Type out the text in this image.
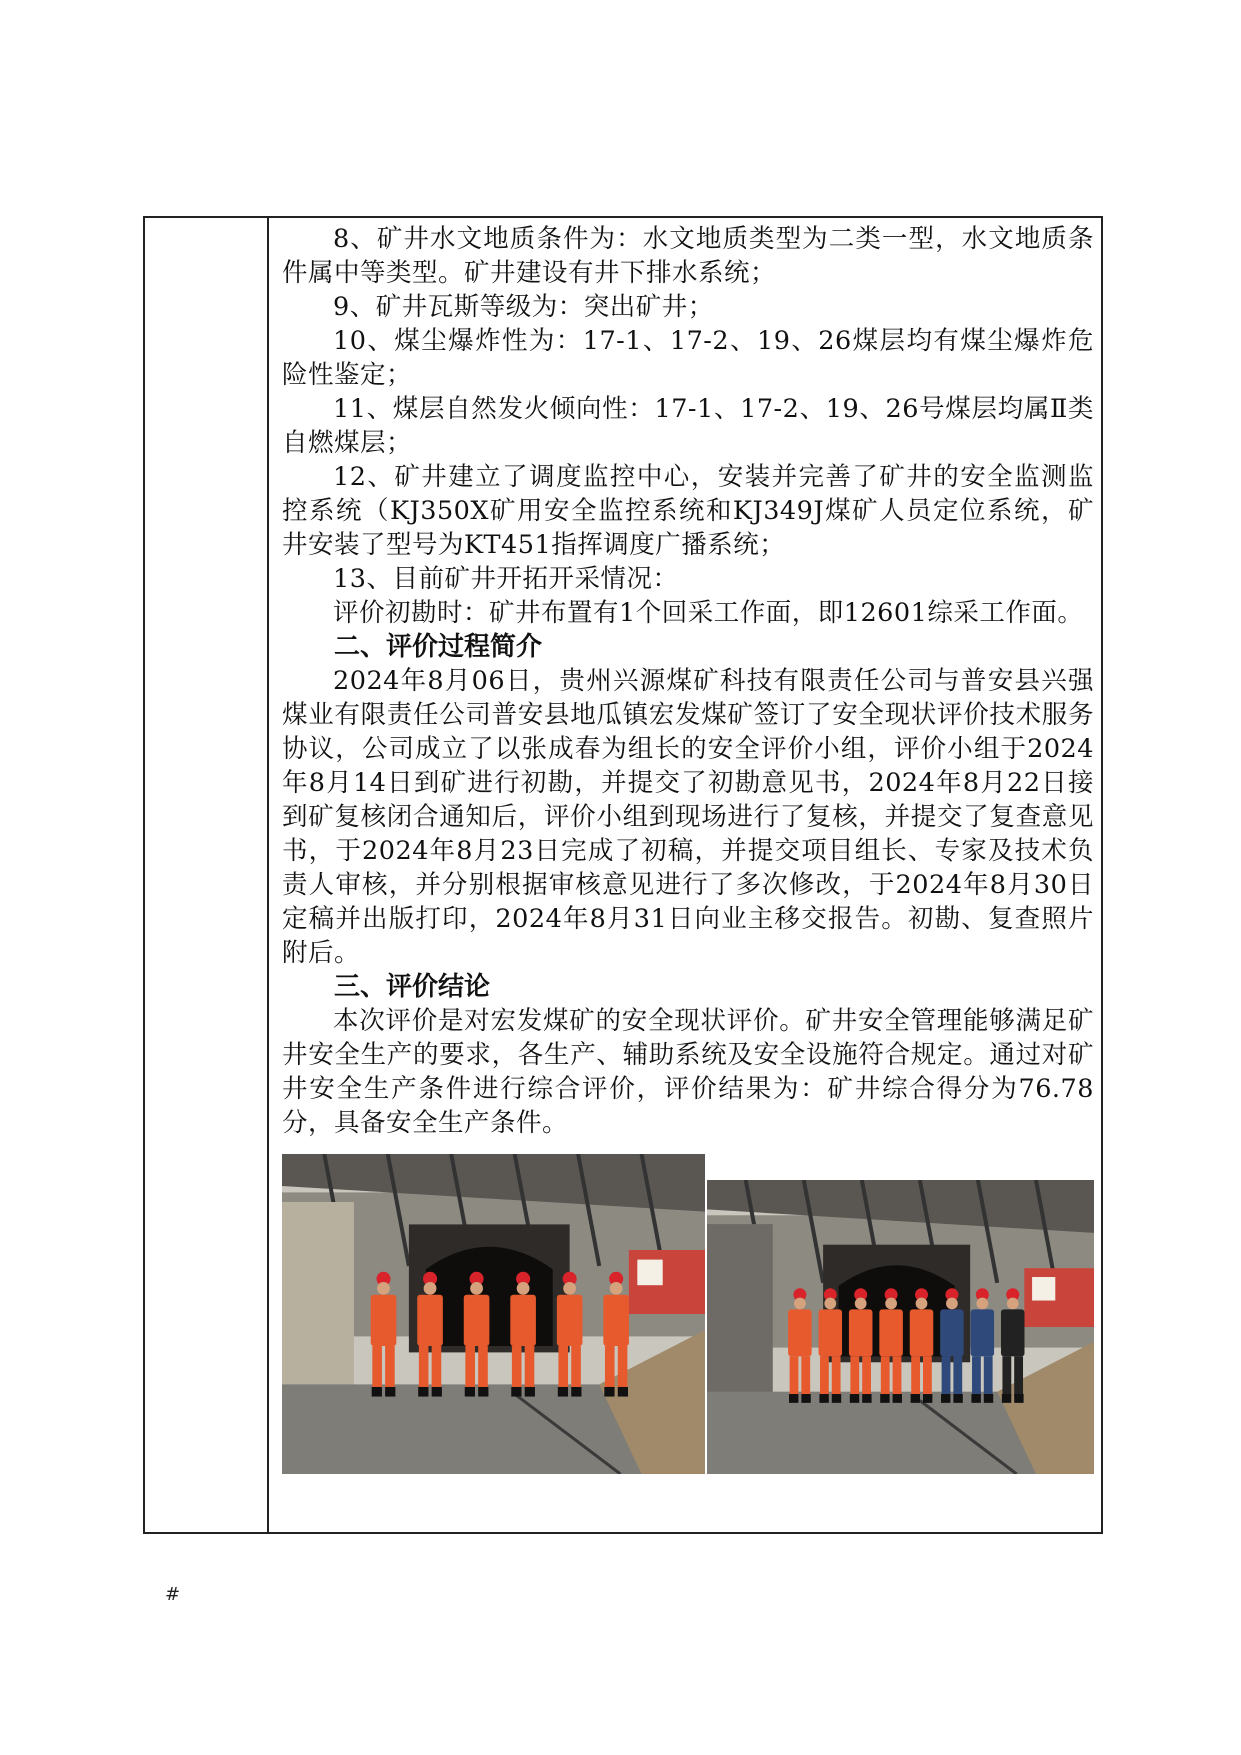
8、矿井水文地质条件为：水文地质类型为二类一型，水文地质条件属中等类型。矿井建设有井下排水系统；

9、矿井瓦斯等级为：突出矿井；

10、煤尘爆炸性为：17-1、17-2、19、26煤层均有煤尘爆炸危险性鉴定；

11、煤层自然发火倾向性：17-1、17-2、19、26号煤层均属Ⅱ类自燃煤层；

12、矿井建立了调度监控中心，安装并完善了矿井的安全监测监控系统（KJ350X矿用安全监控系统和KJ349J煤矿人员定位系统，矿井安装了型号为KT451指挥调度广播系统；

13、目前矿井开拓开采情况：

评价初勘时：矿井布置有1个回采工作面，即12601综采工作面。

二、评价过程简介

2024年8月06日，贵州兴源煤矿科技有限责任公司与普安县兴强煤业有限责任公司普安县地瓜镇宏发煤矿签订了安全现状评价技术服务协议，公司成立了以张成春为组长的安全评价小组，评价小组于2024年8月14日到矿进行初勘，并提交了初勘意见书，2024年8月22日接到矿复核闭合通知后，评价小组到现场进行了复核，并提交了复查意见书，于2024年8月23日完成了初稿，并提交项目组长、专家及技术负责人审核，并分别根据审核意见进行了多次修改，于2024年8月30日定稿并出版打印，2024年8月31日向业主移交报告。初勘、复查照片附后。

三、评价结论

本次评价是对宏发煤矿的安全现状评价。矿井安全管理能够满足矿井安全生产的要求，各生产、辅助系统及安全设施符合规定。通过对矿井安全生产条件进行综合评价，评价结果为：矿井综合得分为76.78分，具备安全生产条件。

#
